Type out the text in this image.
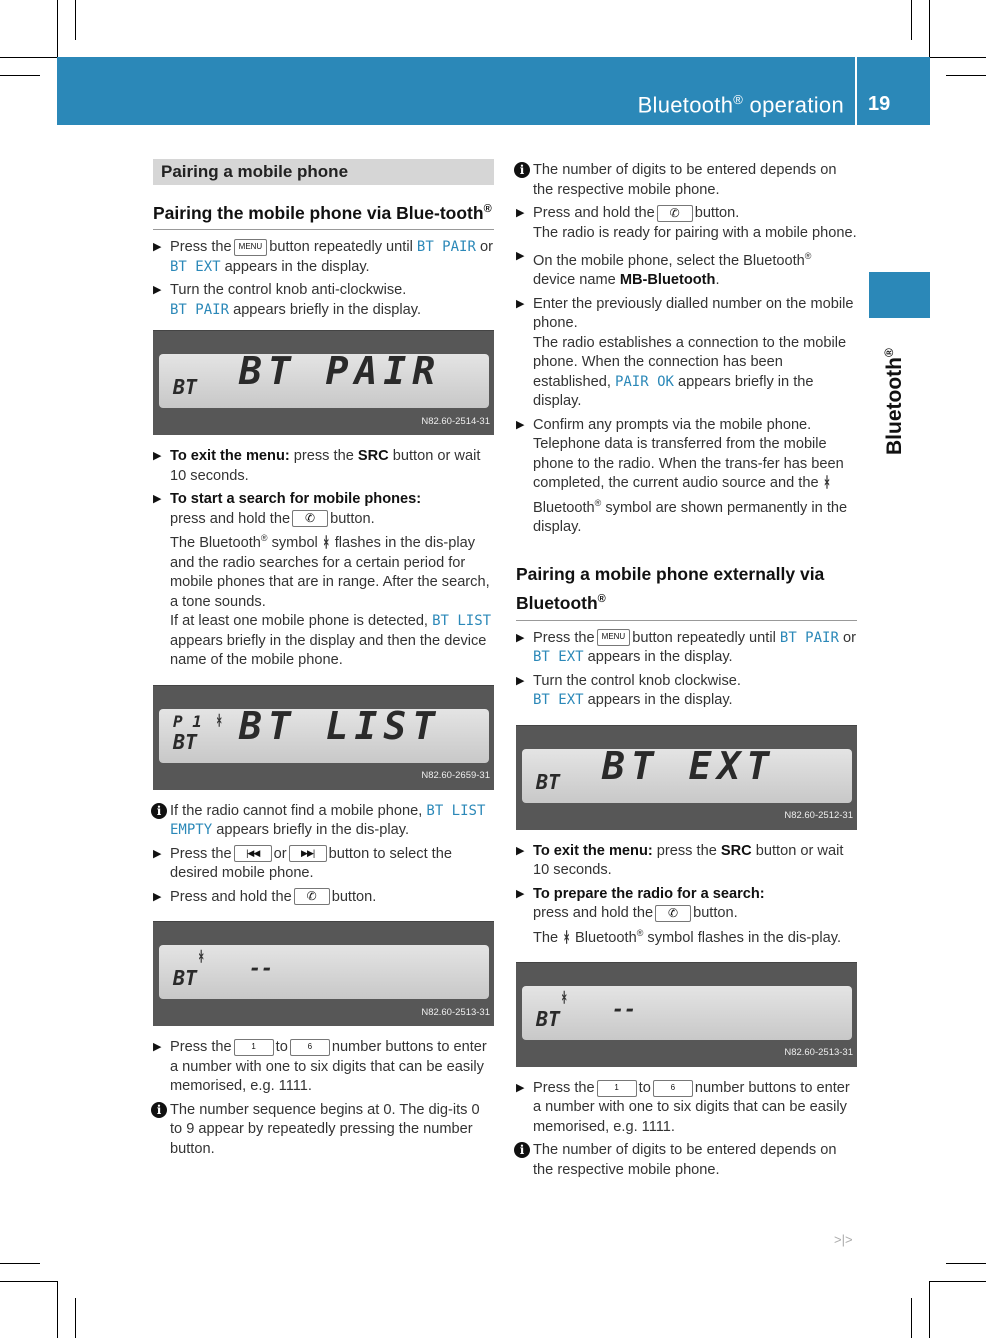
Bluetooth® operation 19
Bluetooth®
Pairing a mobile phone
Pairing the mobile phone via Blue-tooth®
▶ Press the MENU button repeatedly until BT PAIR or BT EXT appears in the display.
▶ Turn the control knob anti-clockwise.
BT PAIR appears briefly in the display.
BT BT PAIR
N82.60-2514-31
▶ To exit the menu: press the SRC button or wait 10 seconds.
▶ To start a search for mobile phones:

press and hold the ✆ button.
The Bluetooth® symbol ᚼ flashes in the dis-play and the radio searches for a certain period for mobile phones that are in range. After the search, a tone sounds.

If at least one mobile phone is detected, BT LIST appears briefly in the display and then the device name of the mobile phone.

P 1 ᚼ
BT BT LIST
N82.60-2659-31
i If the radio cannot find a mobile phone, BT LIST EMPTY appears briefly in the dis-play.
▶ Press the |◀◀ or ▶▶| button to select the desired mobile phone.
▶ Press and hold the ✆ button.
ᚼ
BT	--
N82.60-2513-31
▶ Press the 1 to 6 number buttons to enter a number with one to six digits that can be easily memorised, e.g. 1111.
i The number sequence begins at 0. The dig-its 0 to 9 appear by repeatedly pressing the number button.
i The number of digits to be entered depends on the respective mobile phone.
▶ Press and hold the ✆ button.
The radio is ready for pairing with a mobile phone.
▶ On the mobile phone, select the Bluetooth® device name MB-Bluetooth.
▶ Enter the previously dialled number on the mobile phone.
The radio establishes a connection to the mobile phone. When the connection has been established, PAIR OK appears briefly in the display.
▶ Confirm any prompts via the mobile phone.
Telephone data is transferred from the mobile phone to the radio. When the trans-fer has been completed, the current audio source and the ᚼ Bluetooth® symbol are shown permanently in the display.
Pairing a mobile phone externally via Bluetooth®
▶ Press the MENU button repeatedly until BT PAIR or BT EXT appears in the display.
▶ Turn the control knob clockwise.
BT EXT appears in the display.
BT BT EXT
N82.60-2512-31
▶ To exit the menu: press the SRC button or wait 10 seconds.
▶ To prepare the radio for a search:

press and hold the ✆ button.
The ᚼ Bluetooth® symbol flashes in the dis-play.

ᚼ
BT	--
N82.60-2513-31
▶ Press the 1 to 6 number buttons to enter a number with one to six digits that can be easily memorised, e.g. 1111.
i The number of digits to be entered depends on the respective mobile phone.
>|>
